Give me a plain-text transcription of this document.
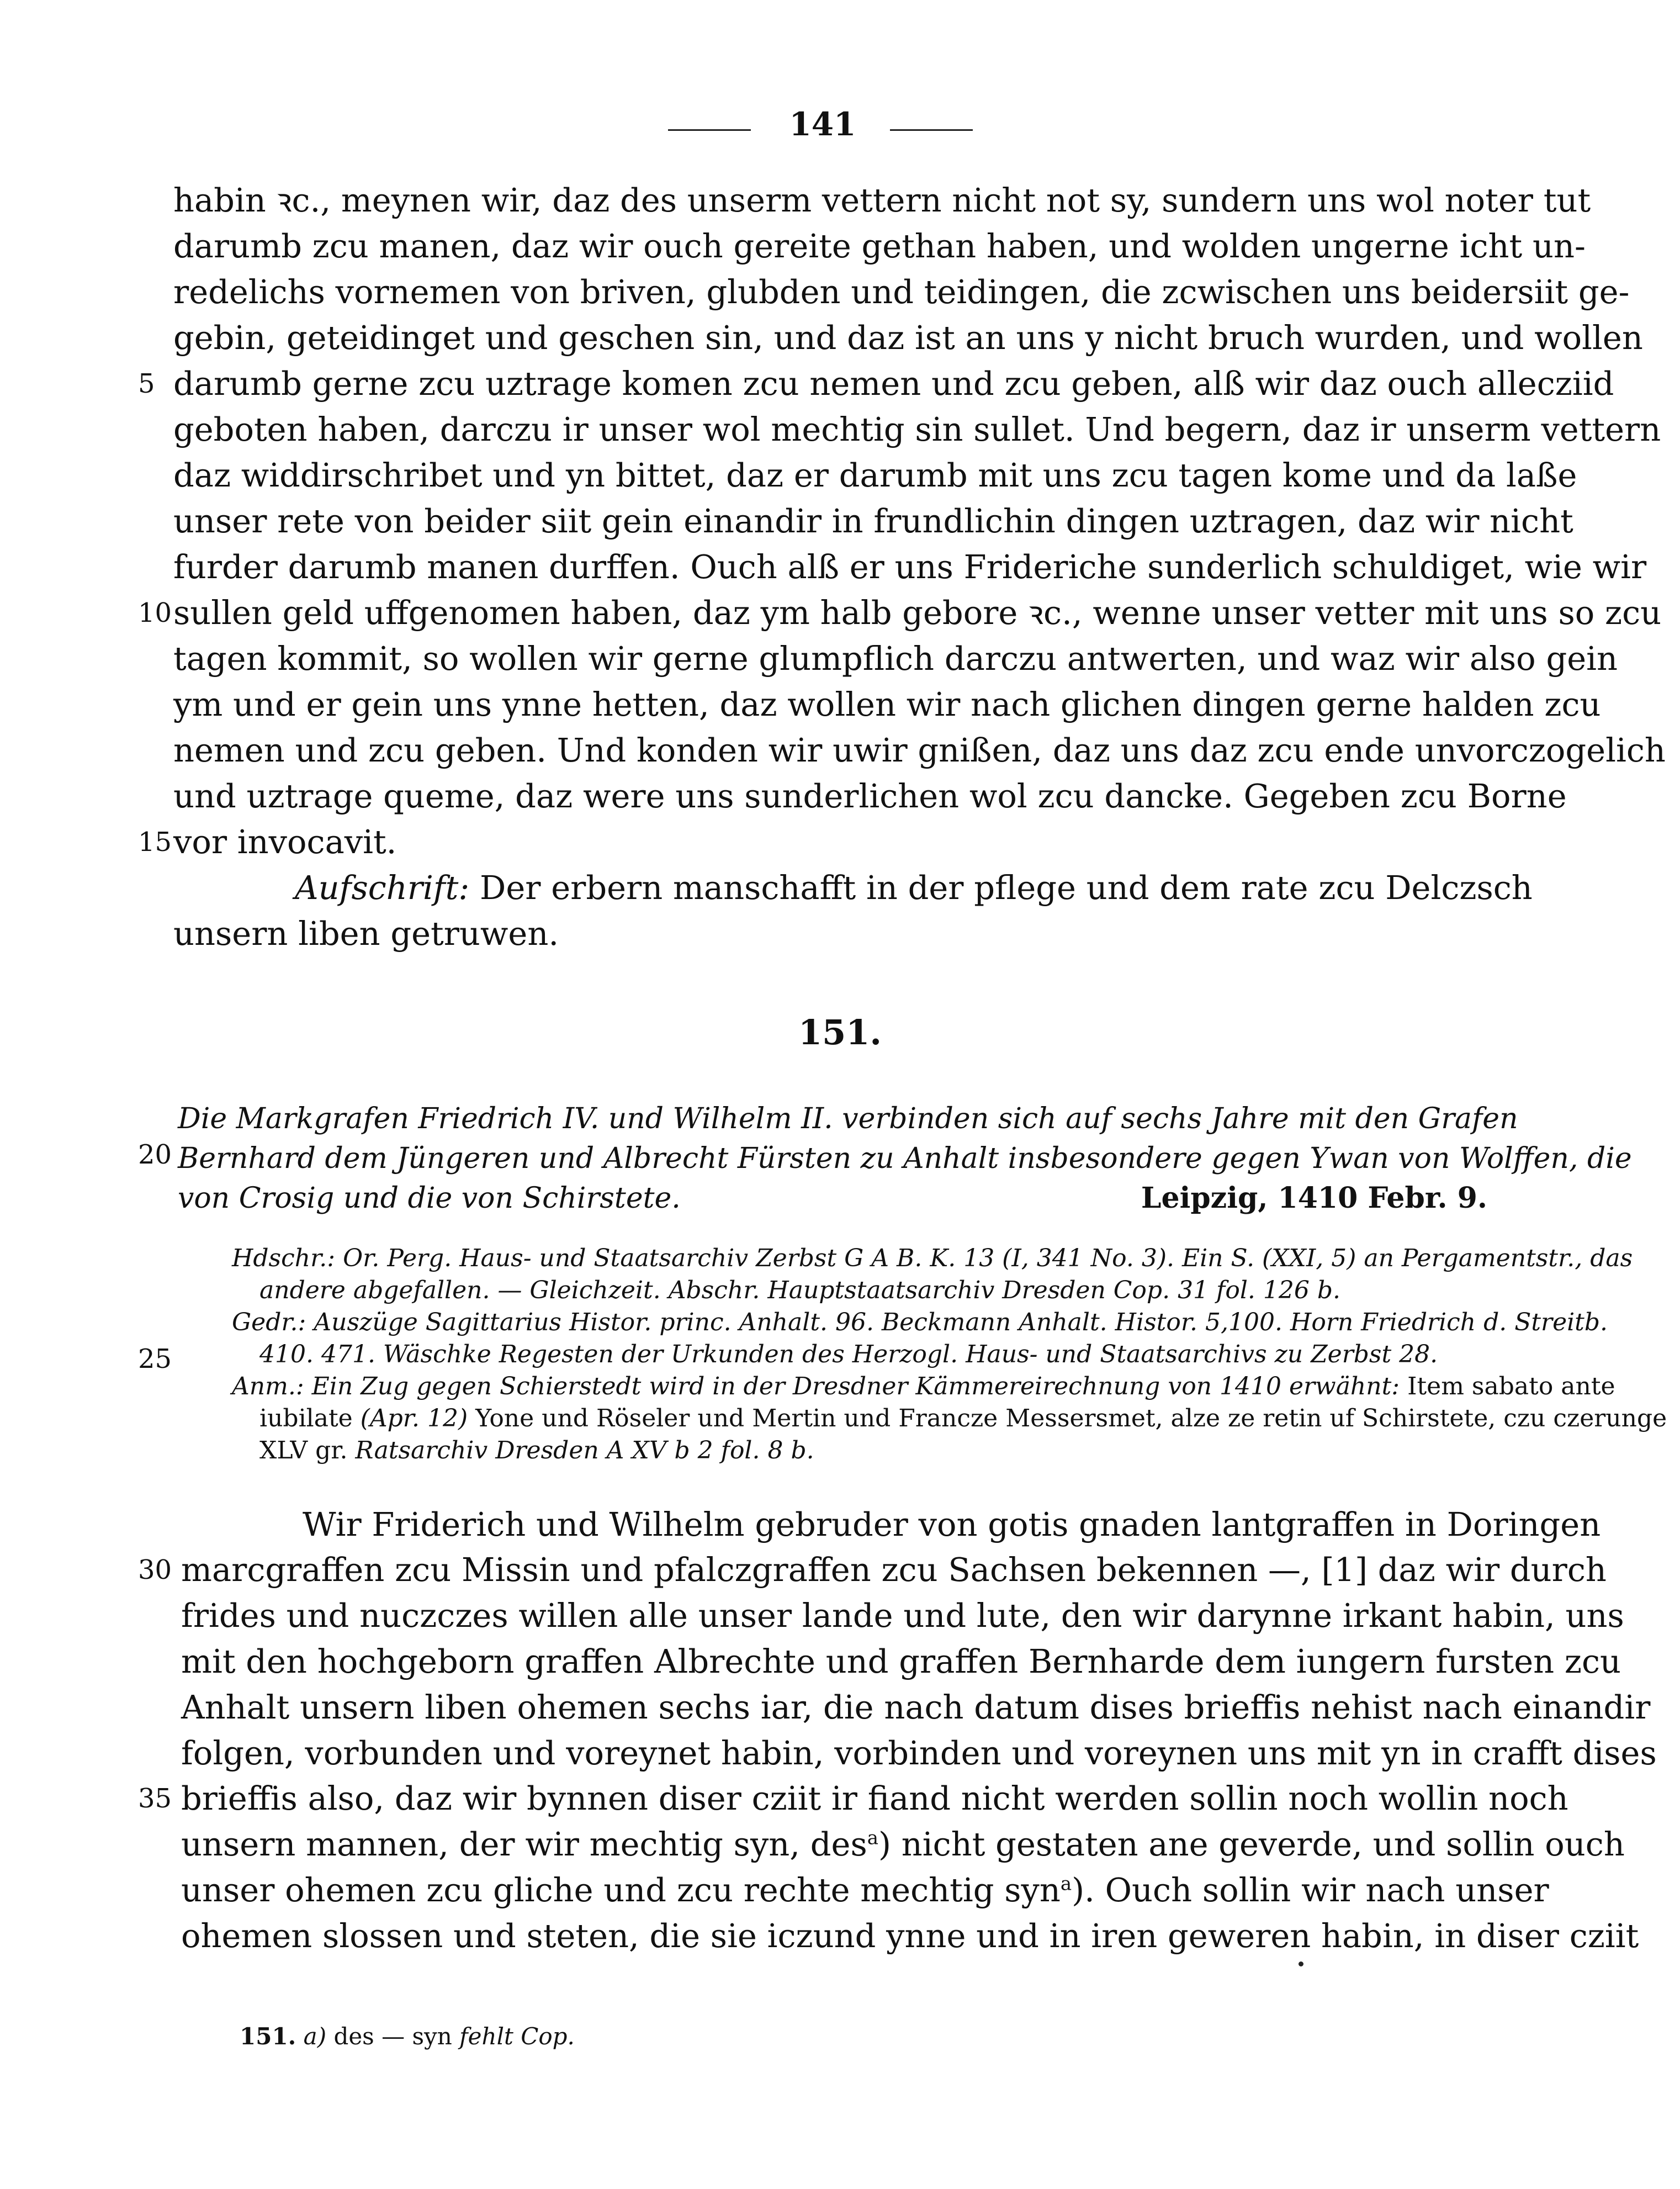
141
habin ꝛc., meynen wir, daz des unserm vettern nicht not sy, sundern uns wol noter tut
darumb zcu manen, daz wir ouch gereite gethan haben, und wolden ungerne icht un-
redelichs vornemen von briven, glubden und teidingen, die zcwischen uns beidersiit ge-
gebin, geteidinget und geschen sin, und daz ist an uns y nicht bruch wurden, und wollen
darumb gerne zcu uztrage komen zcu nemen und zcu geben, alß wir daz ouch allecziid
geboten haben, darczu ir unser wol mechtig sin sullet. Und begern, daz ir unserm vettern
daz widdirschribet und yn bittet, daz er darumb mit uns zcu tagen kome und da laße
unser rete von beider siit gein einandir in frundlichin dingen uztragen, daz wir nicht
furder darumb manen durffen. Ouch alß er uns Frideriche sunderlich schuldiget, wie wir
sullen geld uffgenomen haben, daz ym halb gebore ꝛc., wenne unser vetter mit uns so zcu
tagen kommit, so wollen wir gerne glumpflich darczu antwerten, und waz wir also gein
ym und er gein uns ynne hetten, daz wollen wir nach glichen dingen gerne halden zcu
nemen und zcu geben. Und konden wir uwir gnißen, daz uns daz zcu ende unvorczogelich
und uztrage queme, daz were uns sunderlichen wol zcu dancke. Gegeben zcu Borne
vor invocavit.
Aufschrift: Der erbern manschafft in der pflege und dem rate zcu Delczsch
unsern liben getruwen.
5
10
15
20
25
30
35
151.
Die Markgrafen Friedrich IV. und Wilhelm II. verbinden sich auf sechs Jahre mit den Grafen
Bernhard dem Jüngeren und Albrecht Fürsten zu Anhalt insbesondere gegen Ywan von Wolffen, die
von Crosig und die von Schirstete.	Leipzig, 1410 Febr. 9.
Hdschr.: Or. Perg. Haus- und Staatsarchiv Zerbst G A B. K. 13 (I, 341 No. 3). Ein S. (XXI, 5) an Pergamentstr., das
andere abgefallen. — Gleichzeit. Abschr. Hauptstaatsarchiv Dresden Cop. 31 fol. 126 b.
Gedr.: Auszüge Sagittarius Histor. princ. Anhalt. 96. Beckmann Anhalt. Histor. 5,100. Horn Friedrich d. Streitb.
410. 471. Wäschke Regesten der Urkunden des Herzogl. Haus- und Staatsarchivs zu Zerbst 28.
Anm.: Ein Zug gegen Schierstedt wird in der Dresdner Kämmereirechnung von 1410 erwähnt: Item sabato ante
iubilate (Apr. 12) Yone und Röseler und Mertin und Francze Messersmet, alze ze retin uf Schirstete, czu czerunge
XLV gr. Ratsarchiv Dresden A XV b 2 fol. 8 b.
Wir Friderich und Wilhelm gebruder von gotis gnaden lantgraffen in Doringen
marcgraffen zcu Missin und pfalczgraffen zcu Sachsen bekennen —, [1] daz wir durch
frides und nuczczes willen alle unser lande und lute, den wir darynne irkant habin, uns
mit den hochgeborn graffen Albrechte und graffen Bernharde dem iungern fursten zcu
Anhalt unsern liben ohemen sechs iar, die nach datum dises brieffis nehist nach einandir
folgen, vorbunden und voreynet habin, vorbinden und voreynen uns mit yn in crafft dises
brieffis also, daz wir bynnen diser cziit ir fiand nicht werden sollin noch wollin noch
unsern mannen, der wir mechtig syn, des$^a$) nicht gestaten ane geverde, und sollin ouch
unser ohemen zcu gliche und zcu rechte mechtig syn$^a$). Ouch sollin wir nach unser
ohemen slossen und steten, die sie iczund ynne und in iren geweren habin, in diser cziit
151. a) des — syn fehlt Cop.
